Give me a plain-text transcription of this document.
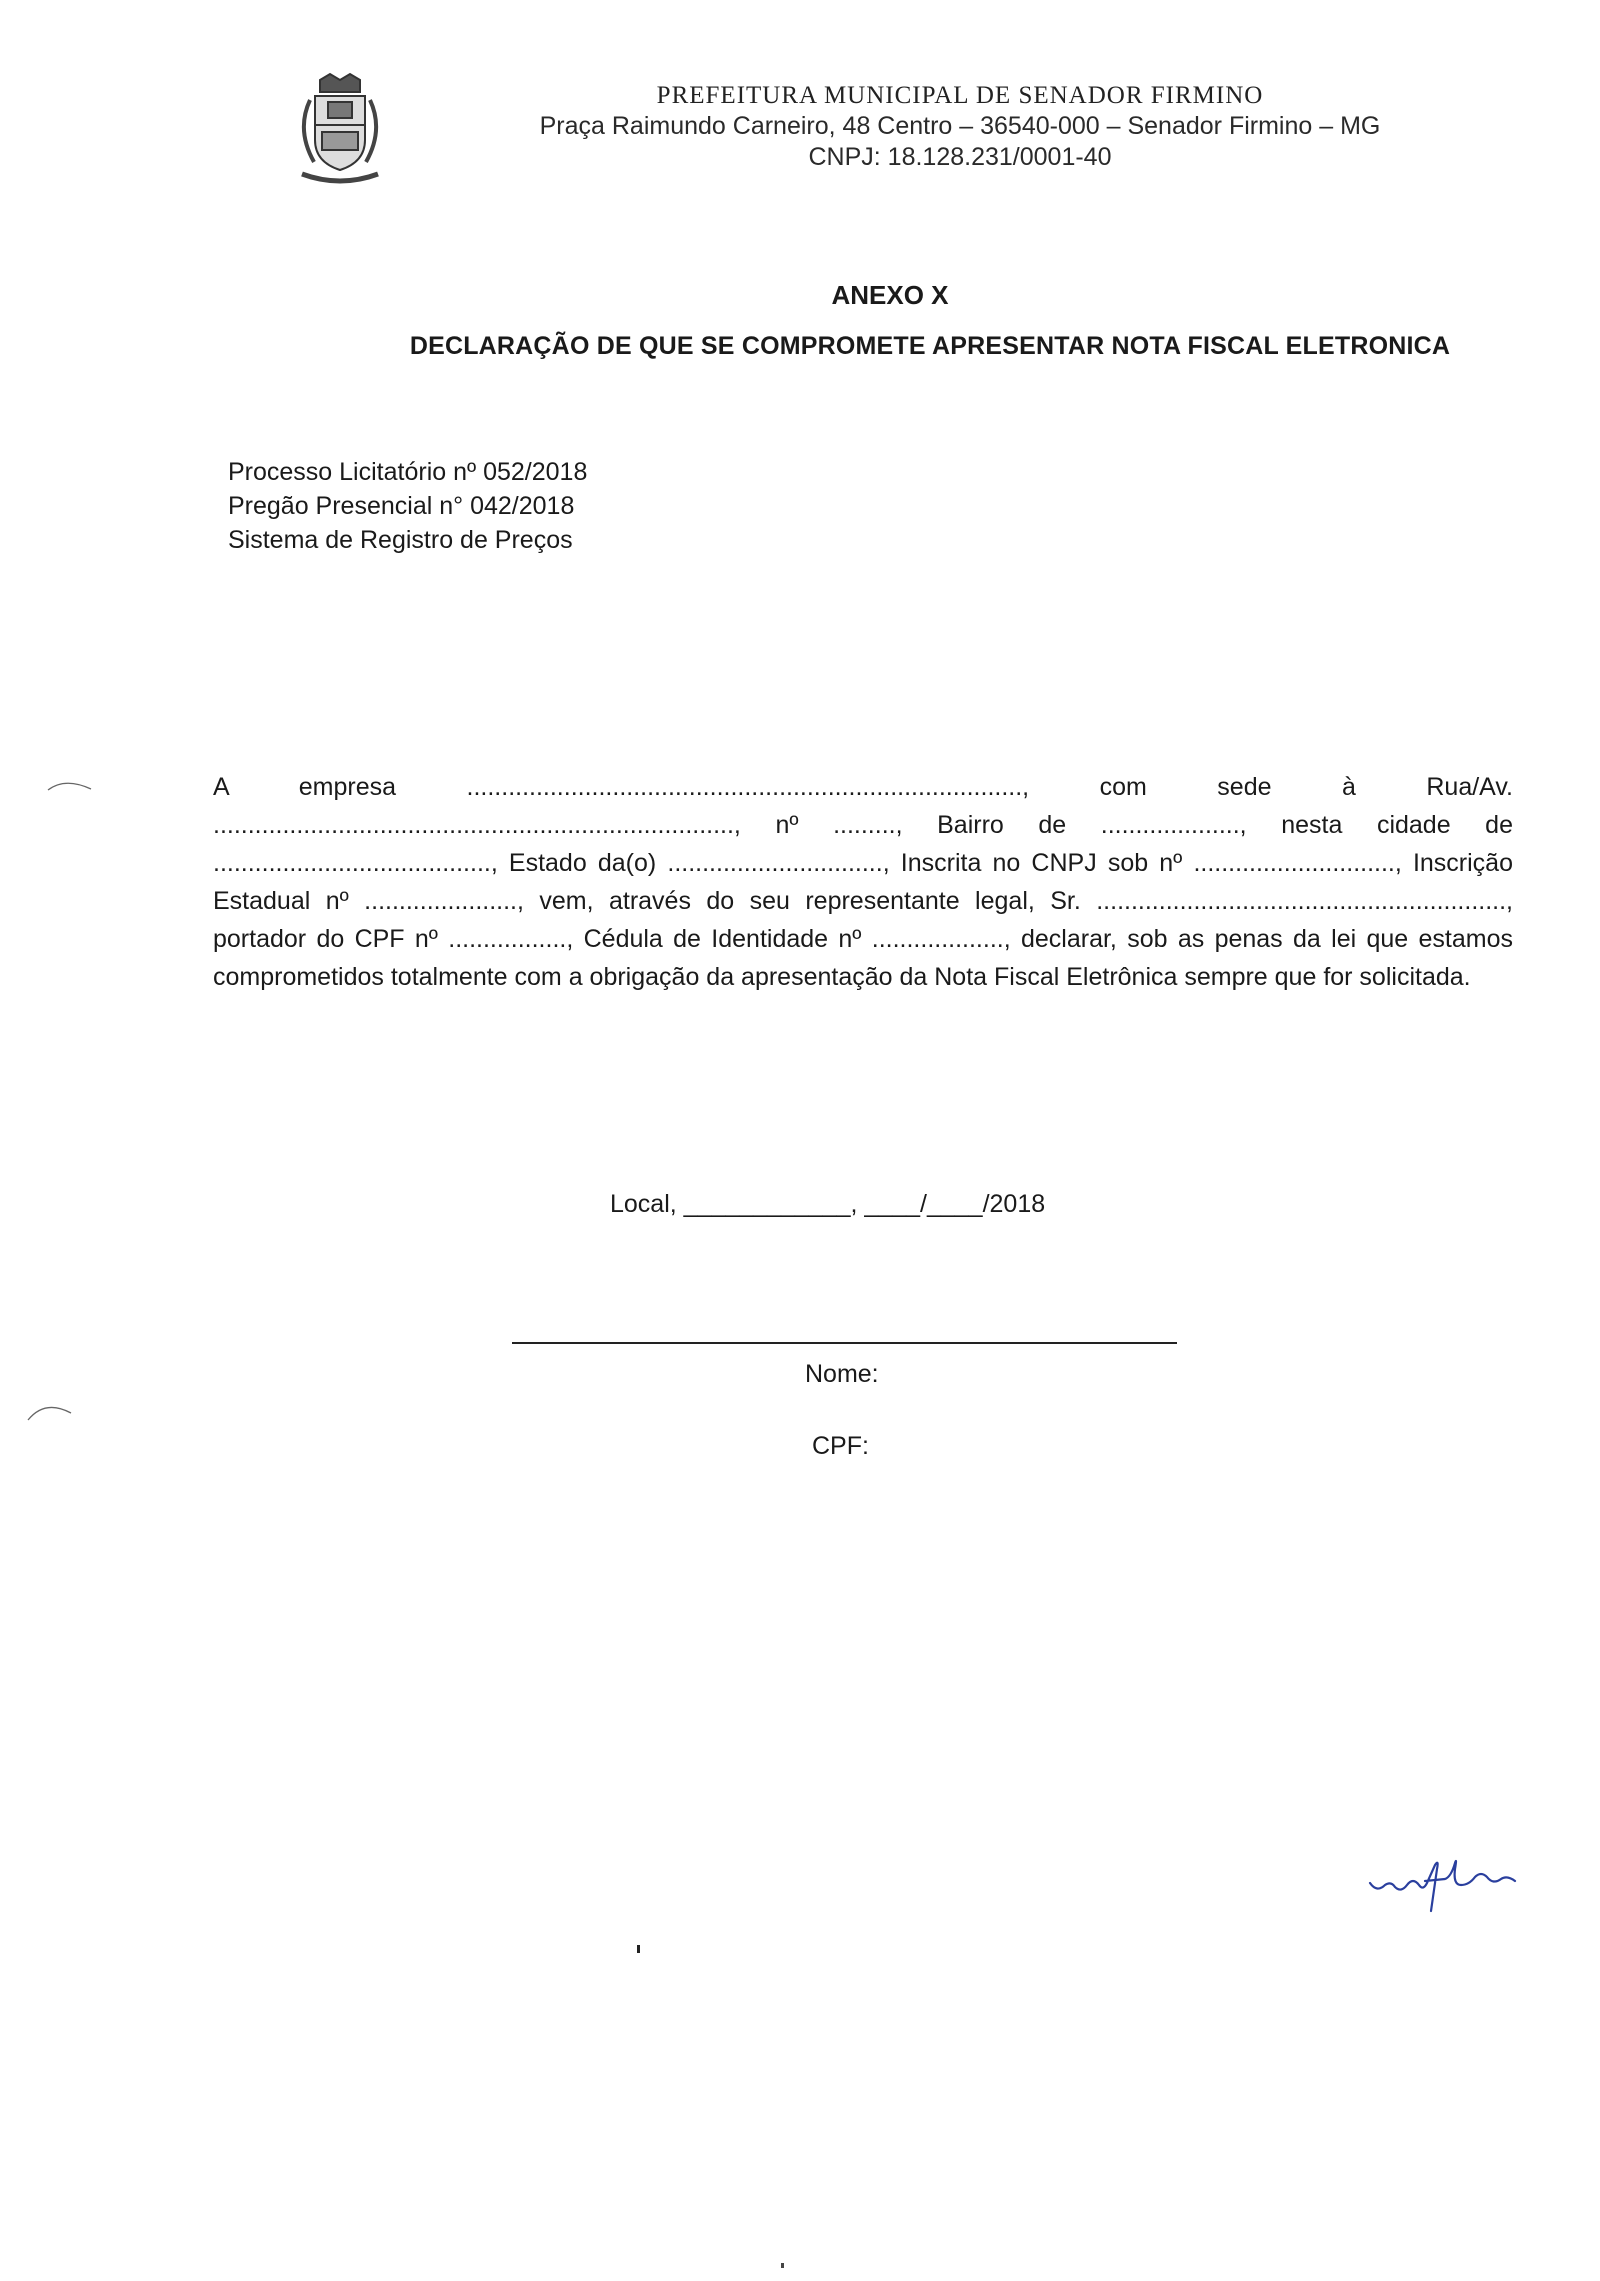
PREFEITURA MUNICIPAL DE SENADOR FIRMINO
Praça Raimundo Carneiro, 48 Centro – 36540-000 – Senador Firmino – MG
CNPJ: 18.128.231/0001-40
ANEXO X
DECLARAÇÃO DE QUE SE COMPROMETE APRESENTAR NOTA FISCAL ELETRONICA
Processo Licitatório nº 052/2018
Pregão Presencial n° 042/2018
Sistema de Registro de Preços
A empresa ................................................................................, com sede à Rua/Av. ..........................................................................., nº ........., Bairro de ...................., nesta cidade de ........................................, Estado da(o) ..............................., Inscrita no CNPJ sob nº ............................., Inscrição Estadual nº ......................, vem, através do seu representante legal, Sr. ..........................................................., portador do CPF nº ................., Cédula de Identidade nº ..................., declarar, sob as penas da lei que estamos comprometidos totalmente com a obrigação da apresentação da Nota Fiscal Eletrônica sempre que for solicitada.
Local, ____________, ____/____/2018
Nome:
CPF:
